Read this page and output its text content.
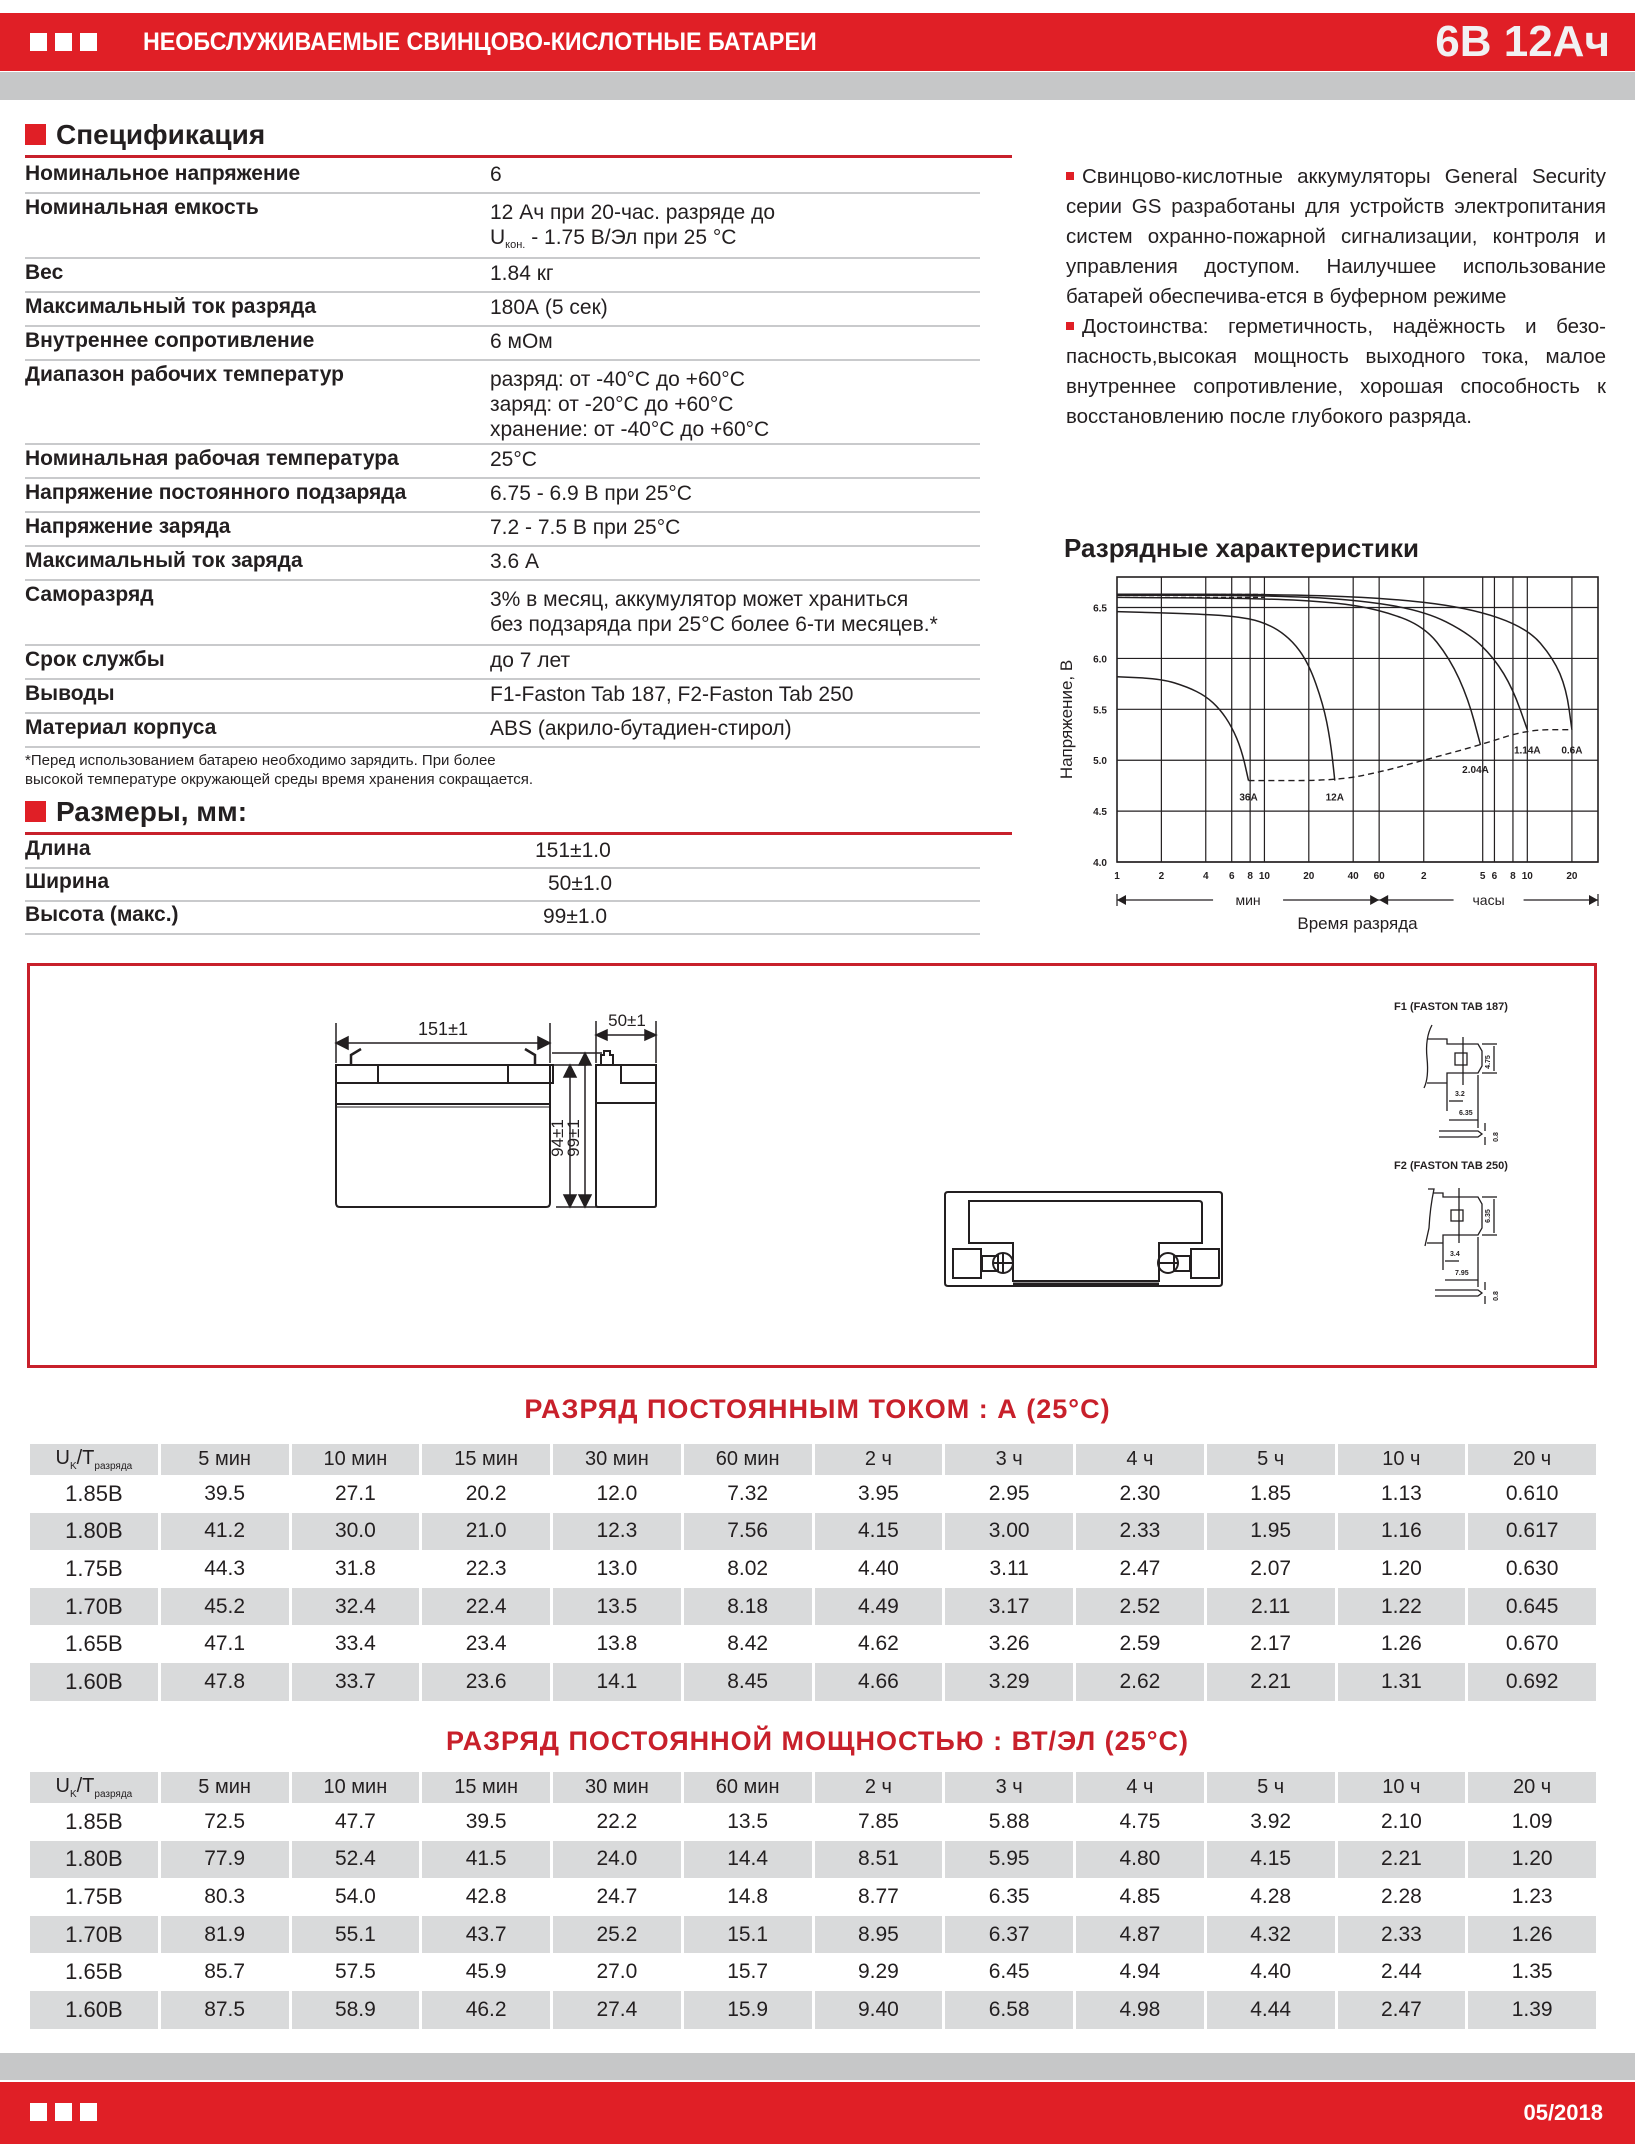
НЕОБСЛУЖИВАЕМЫЕ СВИНЦОВО-КИСЛОТНЫЕ БАТАРЕИ	6В 12Ач
Спецификация
Номинальное напряжение	6
Номинальная емкость	12 Ач при 20-час. разряде до
$U_{кон.} - 1.75$ В/Эл при 25 °C
Вес	1.84 кг
Максимальный ток разряда	180А (5 сек)
Внутреннее сопротивление	6 мОм
Диапазон рабочих температур	разряд: от -40°C до +60°C
заряд: от -20°C до +60°C
хранение: от -40°C до +60°C
Номинальная рабочая температура	25°C
Напряжение постоянного подзаряда	6.75 - 6.9 В при 25°C
Напряжение заряда	7.2 - 7.5 В при 25°C
Максимальный ток заряда	3.6 А
Саморазряд	3% в месяц, аккумулятор может храниться
без подзаряда при 25°C более 6-ти месяцев.*
Срок службы	до 7 лет
Выводы	F1-Faston Tab 187, F2-Faston Tab 250
Материал корпуса	ABS (акрило-бутадиен-стирол)
*Перед использованием батарею необходимо зарядить. При более
высокой температуре окружающей среды время хранения сокращается.
Размеры, мм:
Длина	151±1.0
Ширина	50±1.0
Высота (макс.)	99±1.0

Свинцово-кислотные аккумуляторы General Security серии GS разработаны для устройств электропитания систем охранно-пожарной сигнализации, контроля и управления доступом. Наилучшее использование батарей обеспечива-ется в буферном режиме

Достоинства: герметичность, надёжность и безо-пасность,высокая мощность выходного тока, малое внутреннее сопротивление, хорошая способность к восстановлению после глубокого разряда.

Разрядные характеристики
4.0
4.5
5.0
5.5
6.0
6.5
1	2	4 6 8 10	20	40 60	2	5 6 8 10	20
Напряжение, В
мин	часы
Время разряда
36A	12A
2.04A
1.14A 0.6A
151±1
94±1
99±1
50±1
F1 (FASTON TAB 187)
3.2
6.35
4.75
0.8
F2 (FASTON TAB 250)
3.4
7.95
6.35
0.8
РАЗРЯД ПОСТОЯННЫМ ТОКОМ : А (25°C)
$U_K/T_{разряда}$	5 мин	10 мин	15 мин	30 мин	60 мин	2 ч	3 ч	4 ч	5 ч	10 ч	20 ч
1.85В	39.5	27.1	20.2	12.0	7.32	3.95	2.95	2.30	1.85	1.13	0.610
1.80В	41.2	30.0	21.0	12.3	7.56	4.15	3.00	2.33	1.95	1.16	0.617
1.75В	44.3	31.8	22.3	13.0	8.02	4.40	3.11	2.47	2.07	1.20	0.630
1.70В	45.2	32.4	22.4	13.5	8.18	4.49	3.17	2.52	2.11	1.22	0.645
1.65В	47.1	33.4	23.4	13.8	8.42	4.62	3.26	2.59	2.17	1.26	0.670
1.60В	47.8	33.7	23.6	14.1	8.45	4.66	3.29	2.62	2.21	1.31	0.692
РАЗРЯД ПОСТОЯННОЙ МОЩНОСТЬЮ : ВТ/ЭЛ (25°C)
$U_K/T_{разряда}$	5 мин	10 мин	15 мин	30 мин	60 мин	2 ч	3 ч	4 ч	5 ч	10 ч	20 ч
1.85В	72.5	47.7	39.5	22.2	13.5	7.85	5.88	4.75	3.92	2.10	1.09
1.80В	77.9	52.4	41.5	24.0	14.4	8.51	5.95	4.80	4.15	2.21	1.20
1.75В	80.3	54.0	42.8	24.7	14.8	8.77	6.35	4.85	4.28	2.28	1.23
1.70В	81.9	55.1	43.7	25.2	15.1	8.95	6.37	4.87	4.32	2.33	1.26
1.65В	85.7	57.5	45.9	27.0	15.7	9.29	6.45	4.94	4.40	2.44	1.35
1.60В	87.5	58.9	46.2	27.4	15.9	9.40	6.58	4.98	4.44	2.47	1.39
05/2018
